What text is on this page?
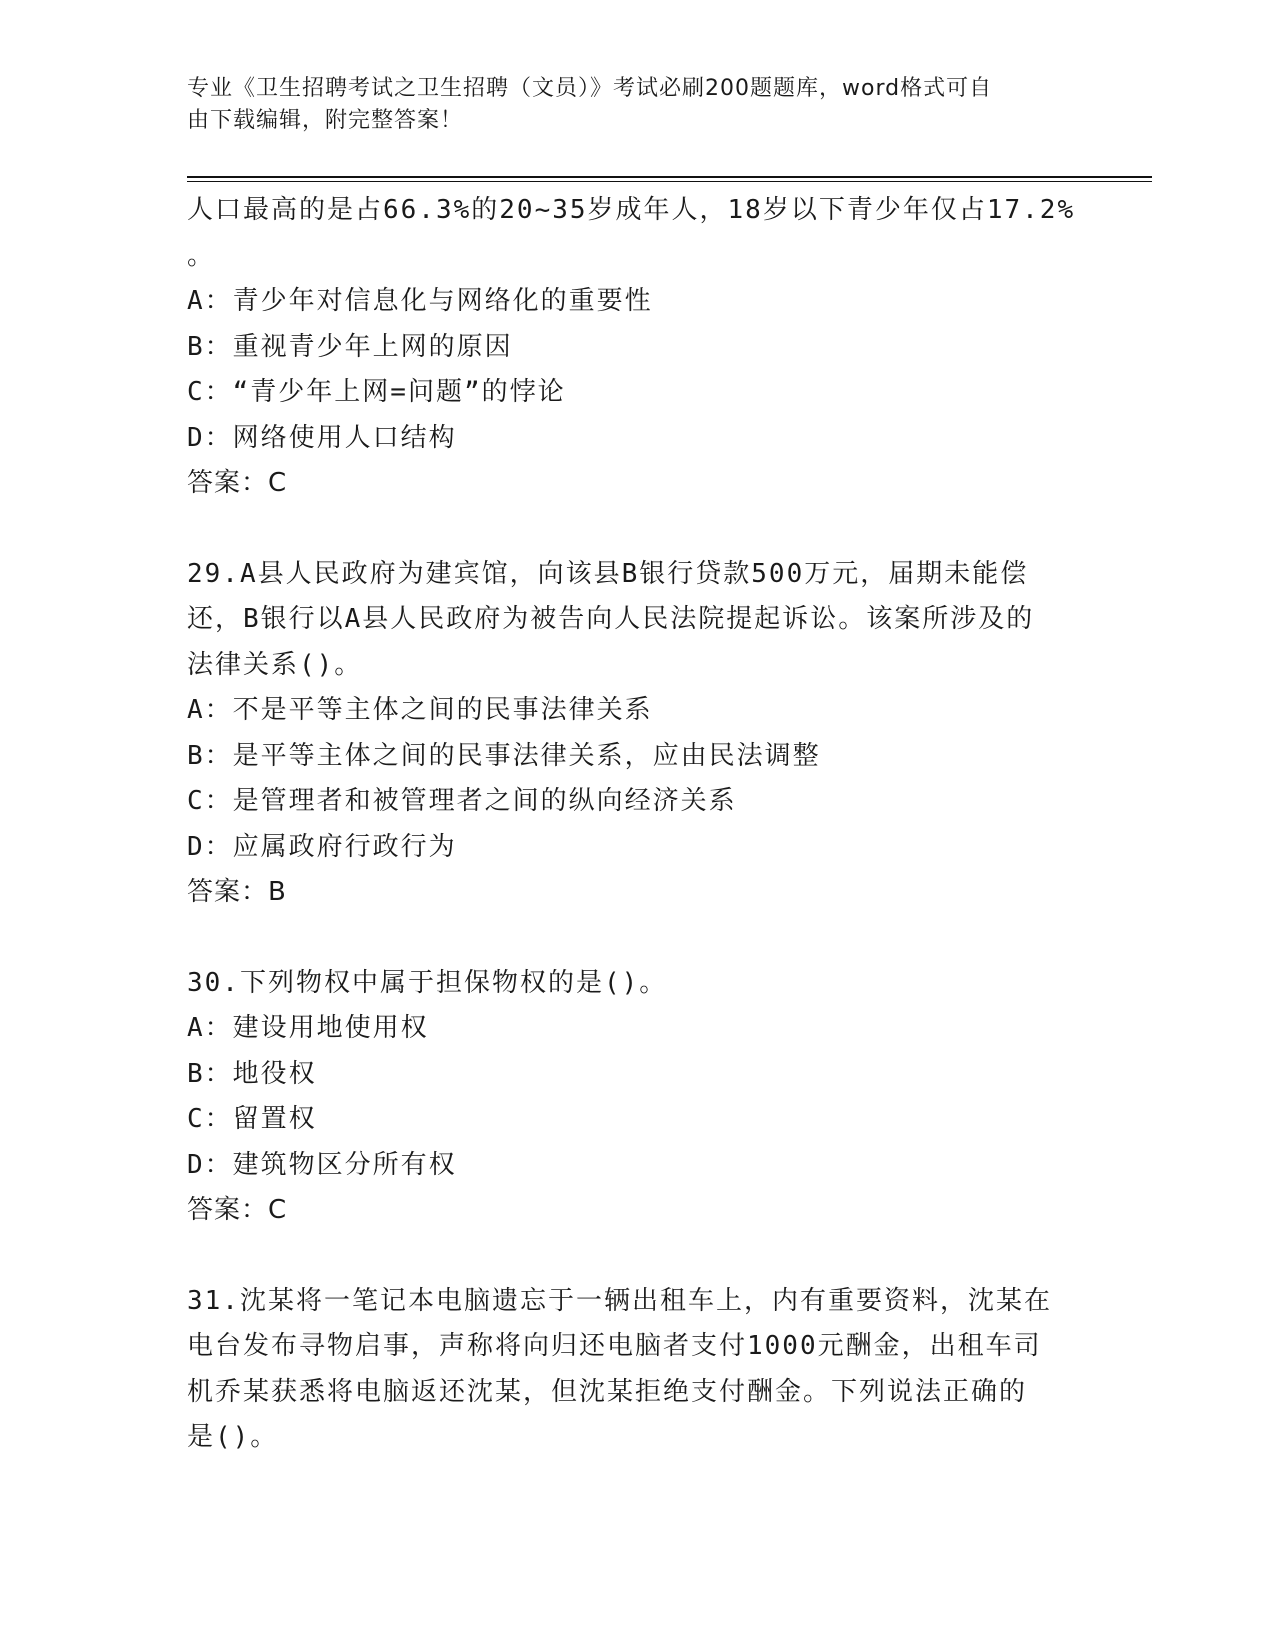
专业《卫生招聘考试之卫生招聘（文员）》考试必刷200题题库，word格式可自
由下载编辑，附完整答案！
人口最高的是占66.3%的20~35岁成年人，18岁以下青少年仅占17.2%
。
A：青少年对信息化与网络化的重要性
B：重视青少年上网的原因
C：“青少年上网=问题”的悖论
D：网络使用人口结构
答案：C
29.A县人民政府为建宾馆，向该县B银行贷款500万元，届期未能偿
还，B银行以A县人民政府为被告向人民法院提起诉讼。该案所涉及的
法律关系()。
A：不是平等主体之间的民事法律关系
B：是平等主体之间的民事法律关系，应由民法调整
C：是管理者和被管理者之间的纵向经济关系
D：应属政府行政行为
答案：B
30.下列物权中属于担保物权的是()。
A：建设用地使用权
B：地役权
C：留置权
D：建筑物区分所有权
答案：C
31.沈某将一笔记本电脑遗忘于一辆出租车上，内有重要资料，沈某在
电台发布寻物启事，声称将向归还电脑者支付1000元酬金，出租车司
机乔某获悉将电脑返还沈某，但沈某拒绝支付酬金。下列说法正确的
是()。
